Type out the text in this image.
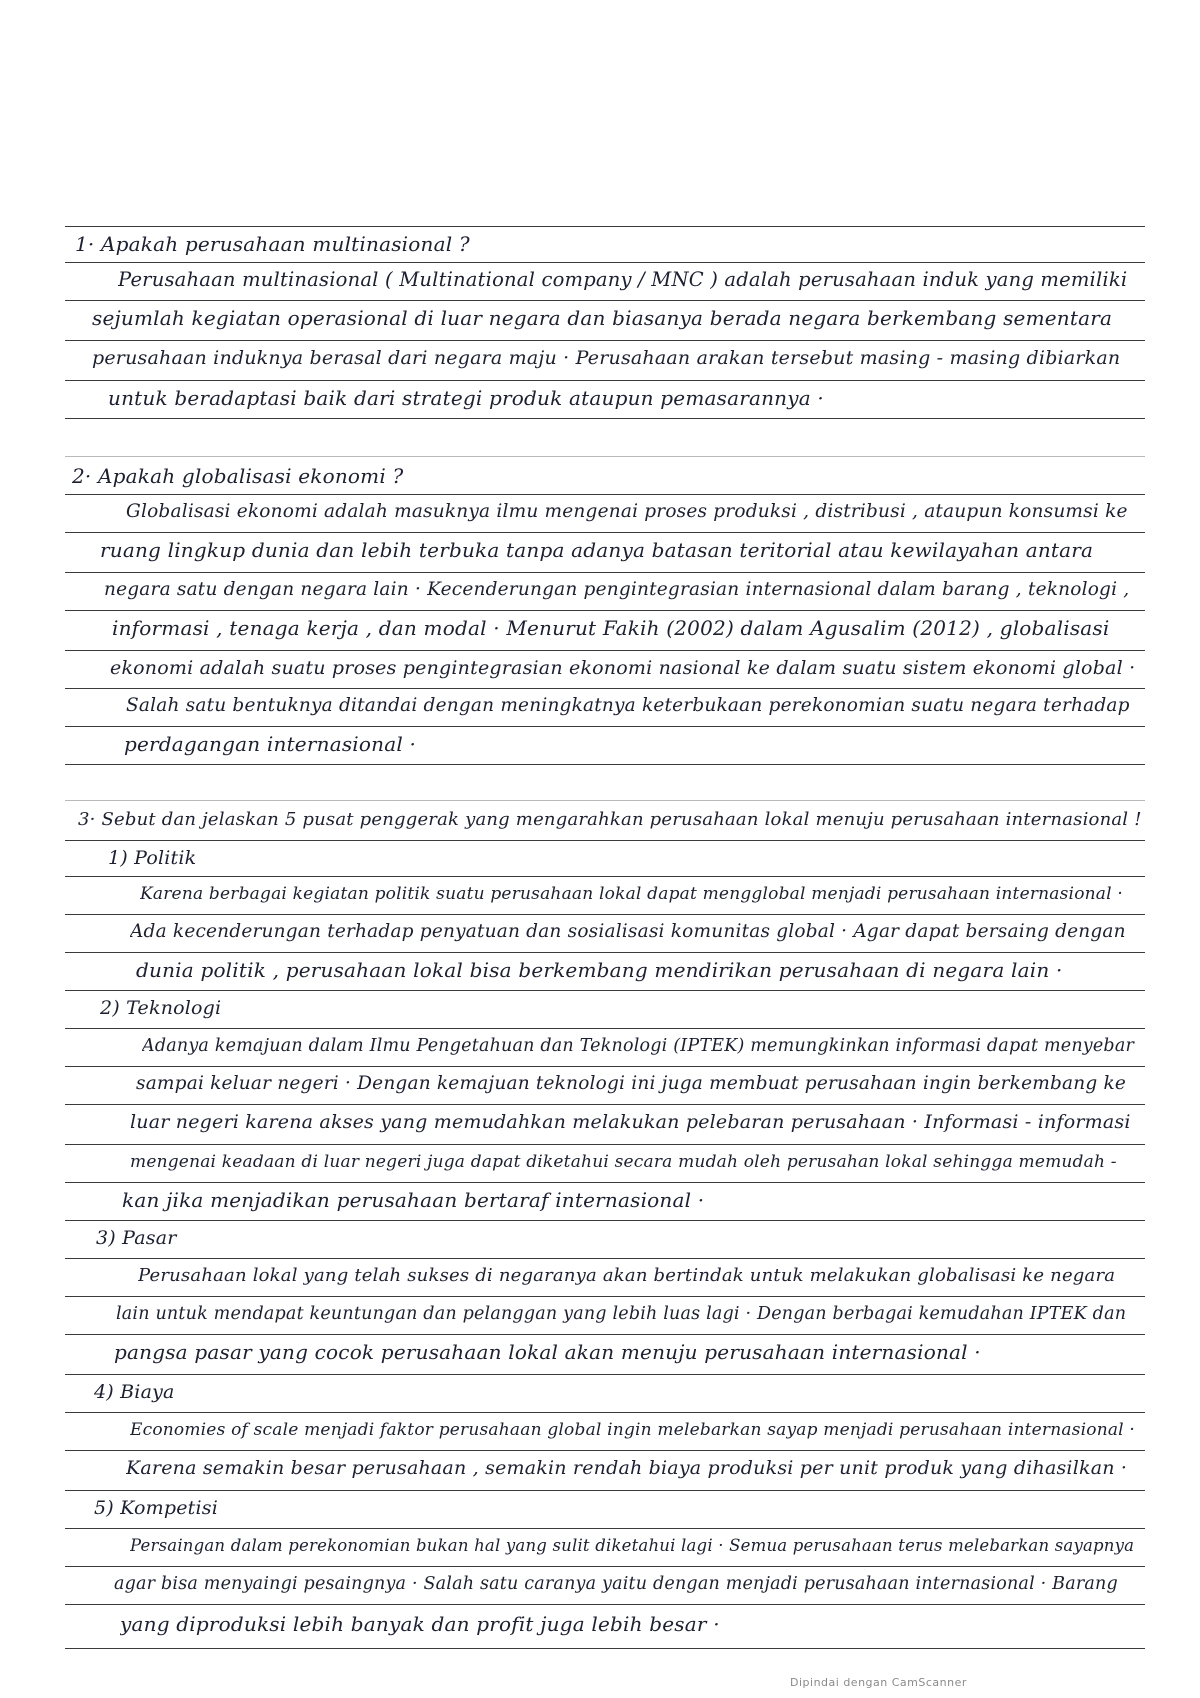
1· Apakah perusahaan multinasional ?
Perusahaan multinasional ( Multinational company / MNC ) adalah perusahaan induk yang memiliki
sejumlah kegiatan operasional di luar negara dan biasanya berada negara berkembang sementara
perusahaan induknya berasal dari negara maju · Perusahaan arakan tersebut masing - masing dibiarkan
untuk beradaptasi baik dari strategi produk ataupun pemasarannya ·
2· Apakah globalisasi ekonomi ?
Globalisasi ekonomi adalah masuknya ilmu mengenai proses produksi , distribusi , ataupun konsumsi ke
ruang lingkup dunia dan lebih terbuka tanpa adanya batasan teritorial atau kewilayahan antara
negara satu dengan negara lain · Kecenderungan pengintegrasian internasional dalam barang , teknologi ,
informasi , tenaga kerja , dan modal · Menurut Fakih (2002) dalam Agusalim (2012) , globalisasi
ekonomi adalah suatu proses pengintegrasian ekonomi nasional ke dalam suatu sistem ekonomi global ·
Salah satu bentuknya ditandai dengan meningkatnya keterbukaan perekonomian suatu negara terhadap
perdagangan internasional ·
3· Sebut dan jelaskan 5 pusat penggerak yang mengarahkan perusahaan lokal menuju perusahaan internasional !
1) Politik
Karena berbagai kegiatan politik suatu perusahaan lokal dapat mengglobal menjadi perusahaan internasional ·
Ada kecenderungan terhadap penyatuan dan sosialisasi komunitas global · Agar dapat bersaing dengan
dunia politik , perusahaan lokal bisa berkembang mendirikan perusahaan di negara lain ·
2) Teknologi
Adanya kemajuan dalam Ilmu Pengetahuan dan Teknologi (IPTEK) memungkinkan informasi dapat menyebar
sampai keluar negeri · Dengan kemajuan teknologi ini juga membuat perusahaan ingin berkembang ke
luar negeri karena akses yang memudahkan melakukan pelebaran perusahaan · Informasi - informasi
mengenai keadaan di luar negeri juga dapat diketahui secara mudah oleh perusahan lokal sehingga memudah -
kan jika menjadikan perusahaan bertaraf internasional ·
3) Pasar
Perusahaan lokal yang telah sukses di negaranya akan bertindak untuk melakukan globalisasi ke negara
lain untuk mendapat keuntungan dan pelanggan yang lebih luas lagi · Dengan berbagai kemudahan IPTEK dan
pangsa pasar yang cocok perusahaan lokal akan menuju perusahaan internasional ·
4) Biaya
Economies of scale menjadi faktor perusahaan global ingin melebarkan sayap menjadi perusahaan internasional ·
Karena semakin besar perusahaan , semakin rendah biaya produksi per unit produk yang dihasilkan ·
5) Kompetisi
Persaingan dalam perekonomian bukan hal yang sulit diketahui lagi · Semua perusahaan terus melebarkan sayapnya
agar bisa menyaingi pesaingnya · Salah satu caranya yaitu dengan menjadi perusahaan internasional · Barang
yang diproduksi lebih banyak dan profit juga lebih besar ·
Dipindai dengan CamScanner
